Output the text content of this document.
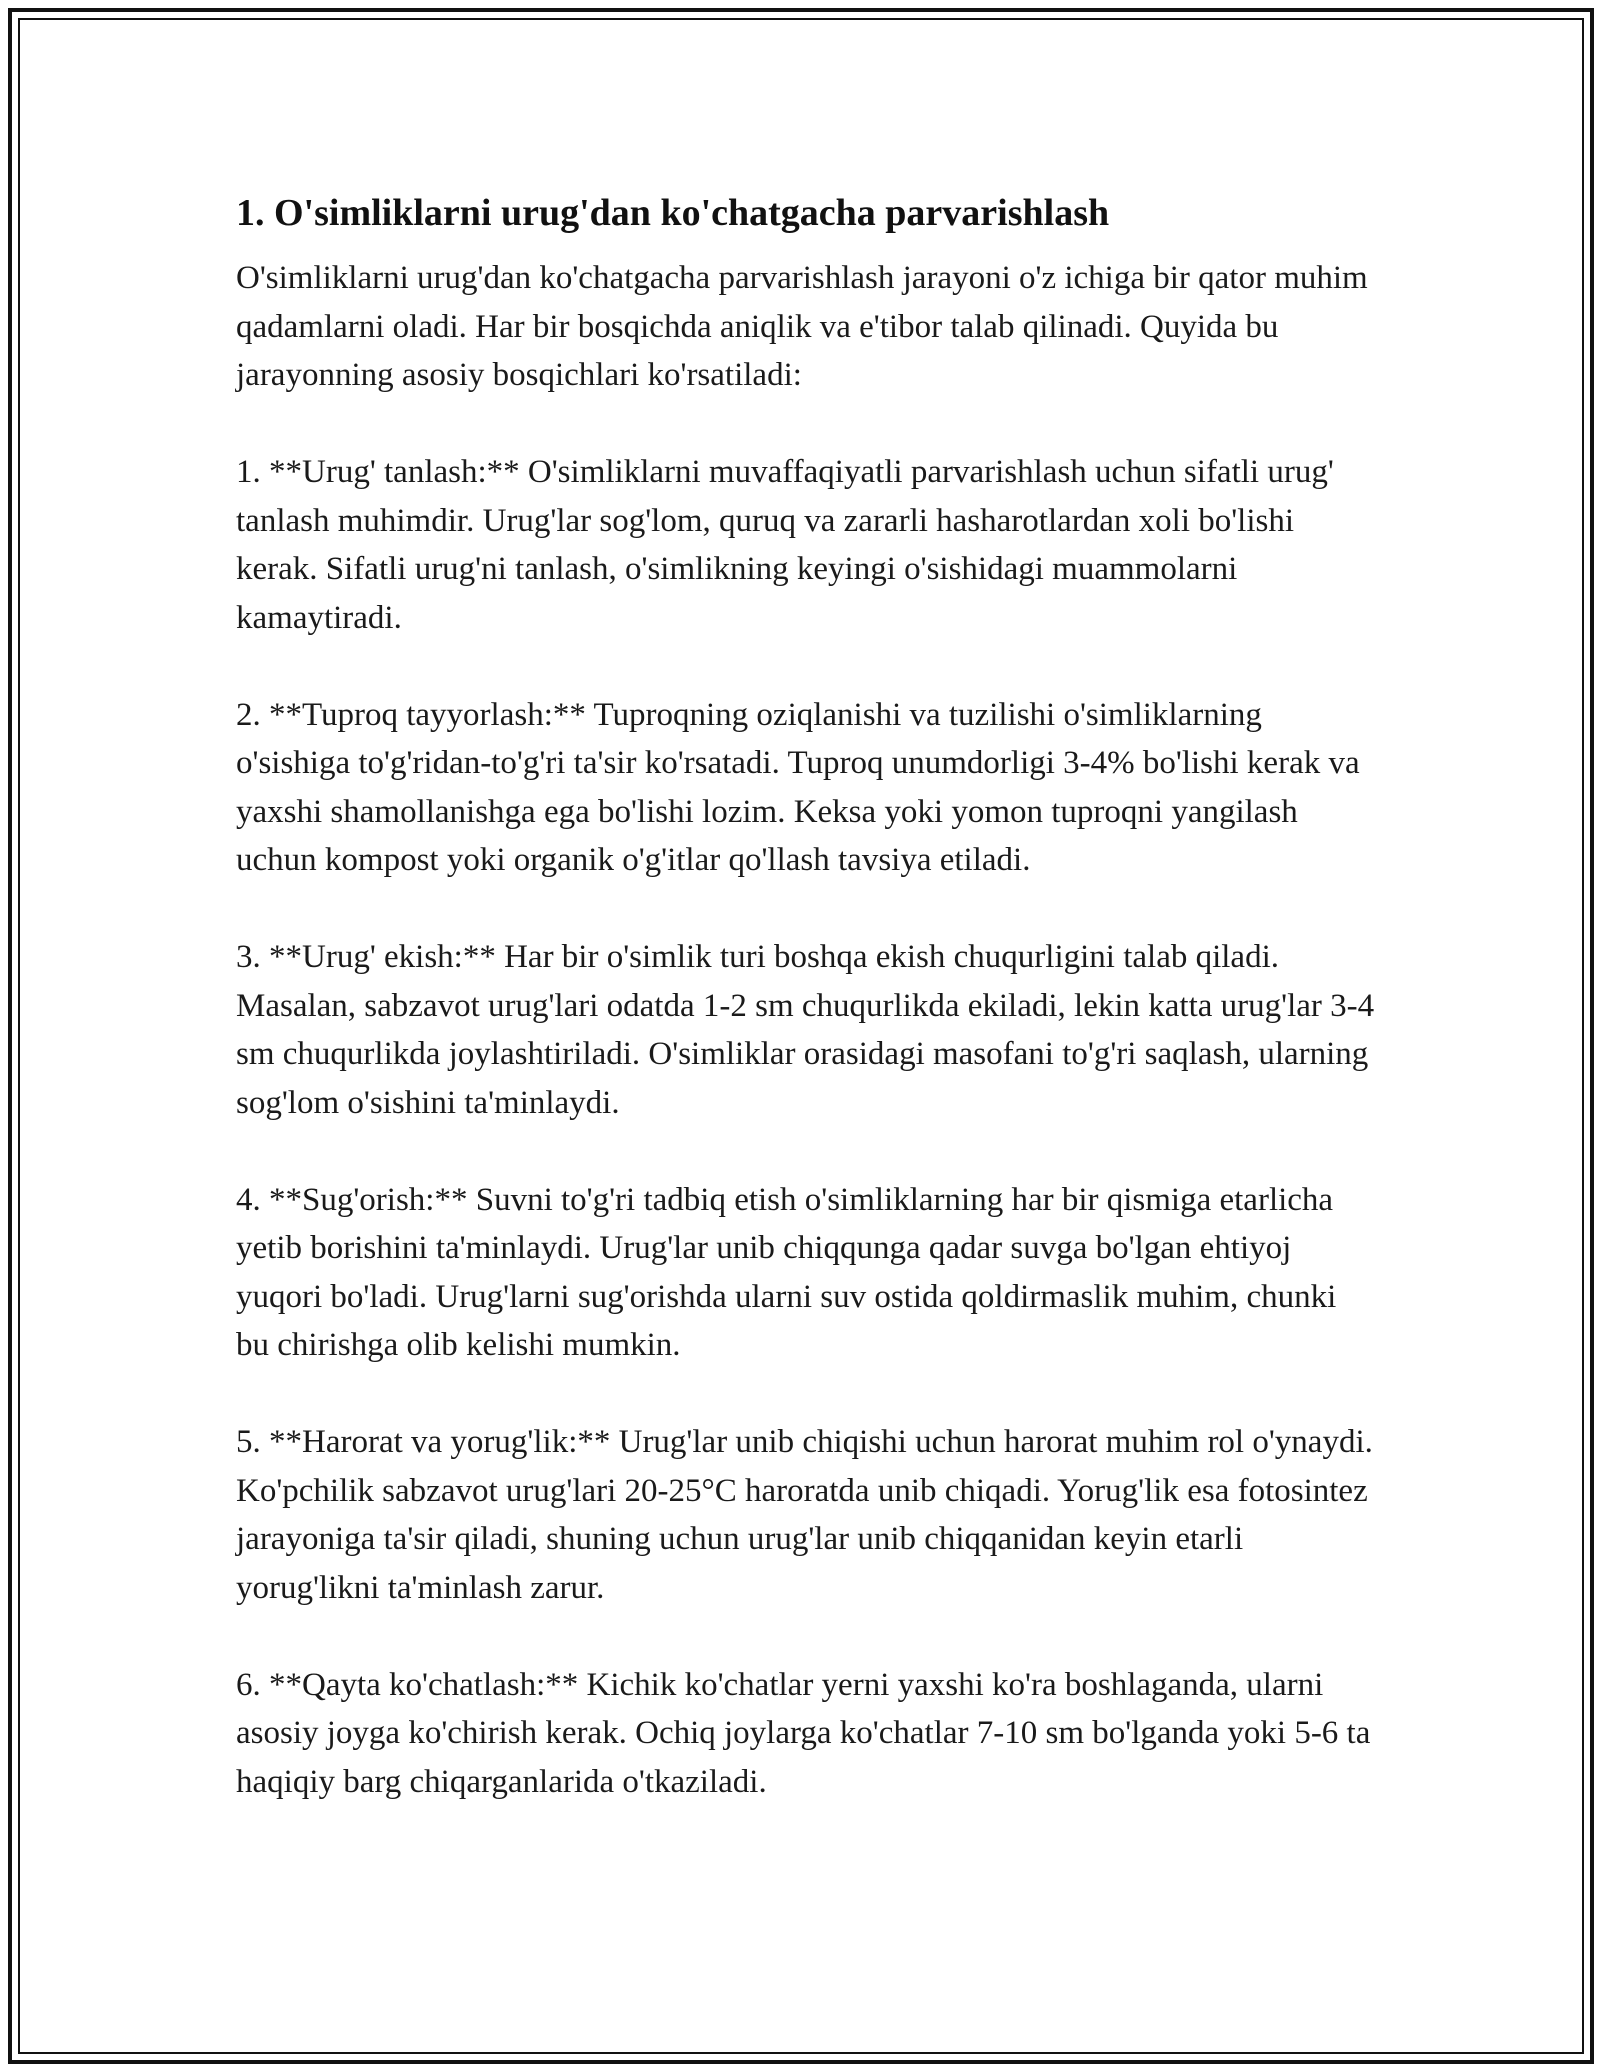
1. O'simliklarni urug'dan ko'chatgacha parvarishlash

O'simliklarni urug'dan ko'chatgacha parvarishlash jarayoni o'z ichiga bir qator muhim qadamlarni oladi. Har bir bosqichda aniqlik va e'tibor talab qilinadi. Quyida bu jarayonning asosiy bosqichlari ko'rsatiladi:

1. **Urug' tanlash:** O'simliklarni muvaffaqiyatli parvarishlash uchun sifatli urug' tanlash muhimdir. Urug'lar sog'lom, quruq va zararli hasharotlardan xoli bo'lishi kerak. Sifatli urug'ni tanlash, o'simlikning keyingi o'sishidagi muammolarni kamaytiradi.

2. **Tuproq tayyorlash:** Tuproqning oziqlanishi va tuzilishi o'simliklarning o'sishiga to'g'ridan-to'g'ri ta'sir ko'rsatadi. Tuproq unumdorligi 3-4% bo'lishi kerak va yaxshi shamollanishga ega bo'lishi lozim. Keksa yoki yomon tuproqni yangilash uchun kompost yoki organik o'g'itlar qo'llash tavsiya etiladi.

3. **Urug' ekish:** Har bir o'simlik turi boshqa ekish chuqurligini talab qiladi. Masalan, sabzavot urug'lari odatda 1-2 sm chuqurlikda ekiladi, lekin katta urug'lar 3-4 sm chuqurlikda joylashtiriladi. O'simliklar orasidagi masofani to'g'ri saqlash, ularning sog'lom o'sishini ta'minlaydi.

4. **Sug'orish:** Suvni to'g'ri tadbiq etish o'simliklarning har bir qismiga etarlicha yetib borishini ta'minlaydi. Urug'lar unib chiqqunga qadar suvga bo'lgan ehtiyoj yuqori bo'ladi. Urug'larni sug'orishda ularni suv ostida qoldirmaslik muhim, chunki bu chirishga olib kelishi mumkin.

5. **Harorat va yorug'lik:** Urug'lar unib chiqishi uchun harorat muhim rol o'ynaydi. Ko'pchilik sabzavot urug'lari 20-25°C haroratda unib chiqadi. Yorug'lik esa fotosintez jarayoniga ta'sir qiladi, shuning uchun urug'lar unib chiqqanidan keyin etarli yorug'likni ta'minlash zarur.

6. **Qayta ko'chatlash:** Kichik ko'chatlar yerni yaxshi ko'ra boshlaganda, ularni asosiy joyga ko'chirish kerak. Ochiq joylarga ko'chatlar 7-10 sm bo'lganda yoki 5-6 ta haqiqiy barg chiqarganlarida o'tkaziladi.
